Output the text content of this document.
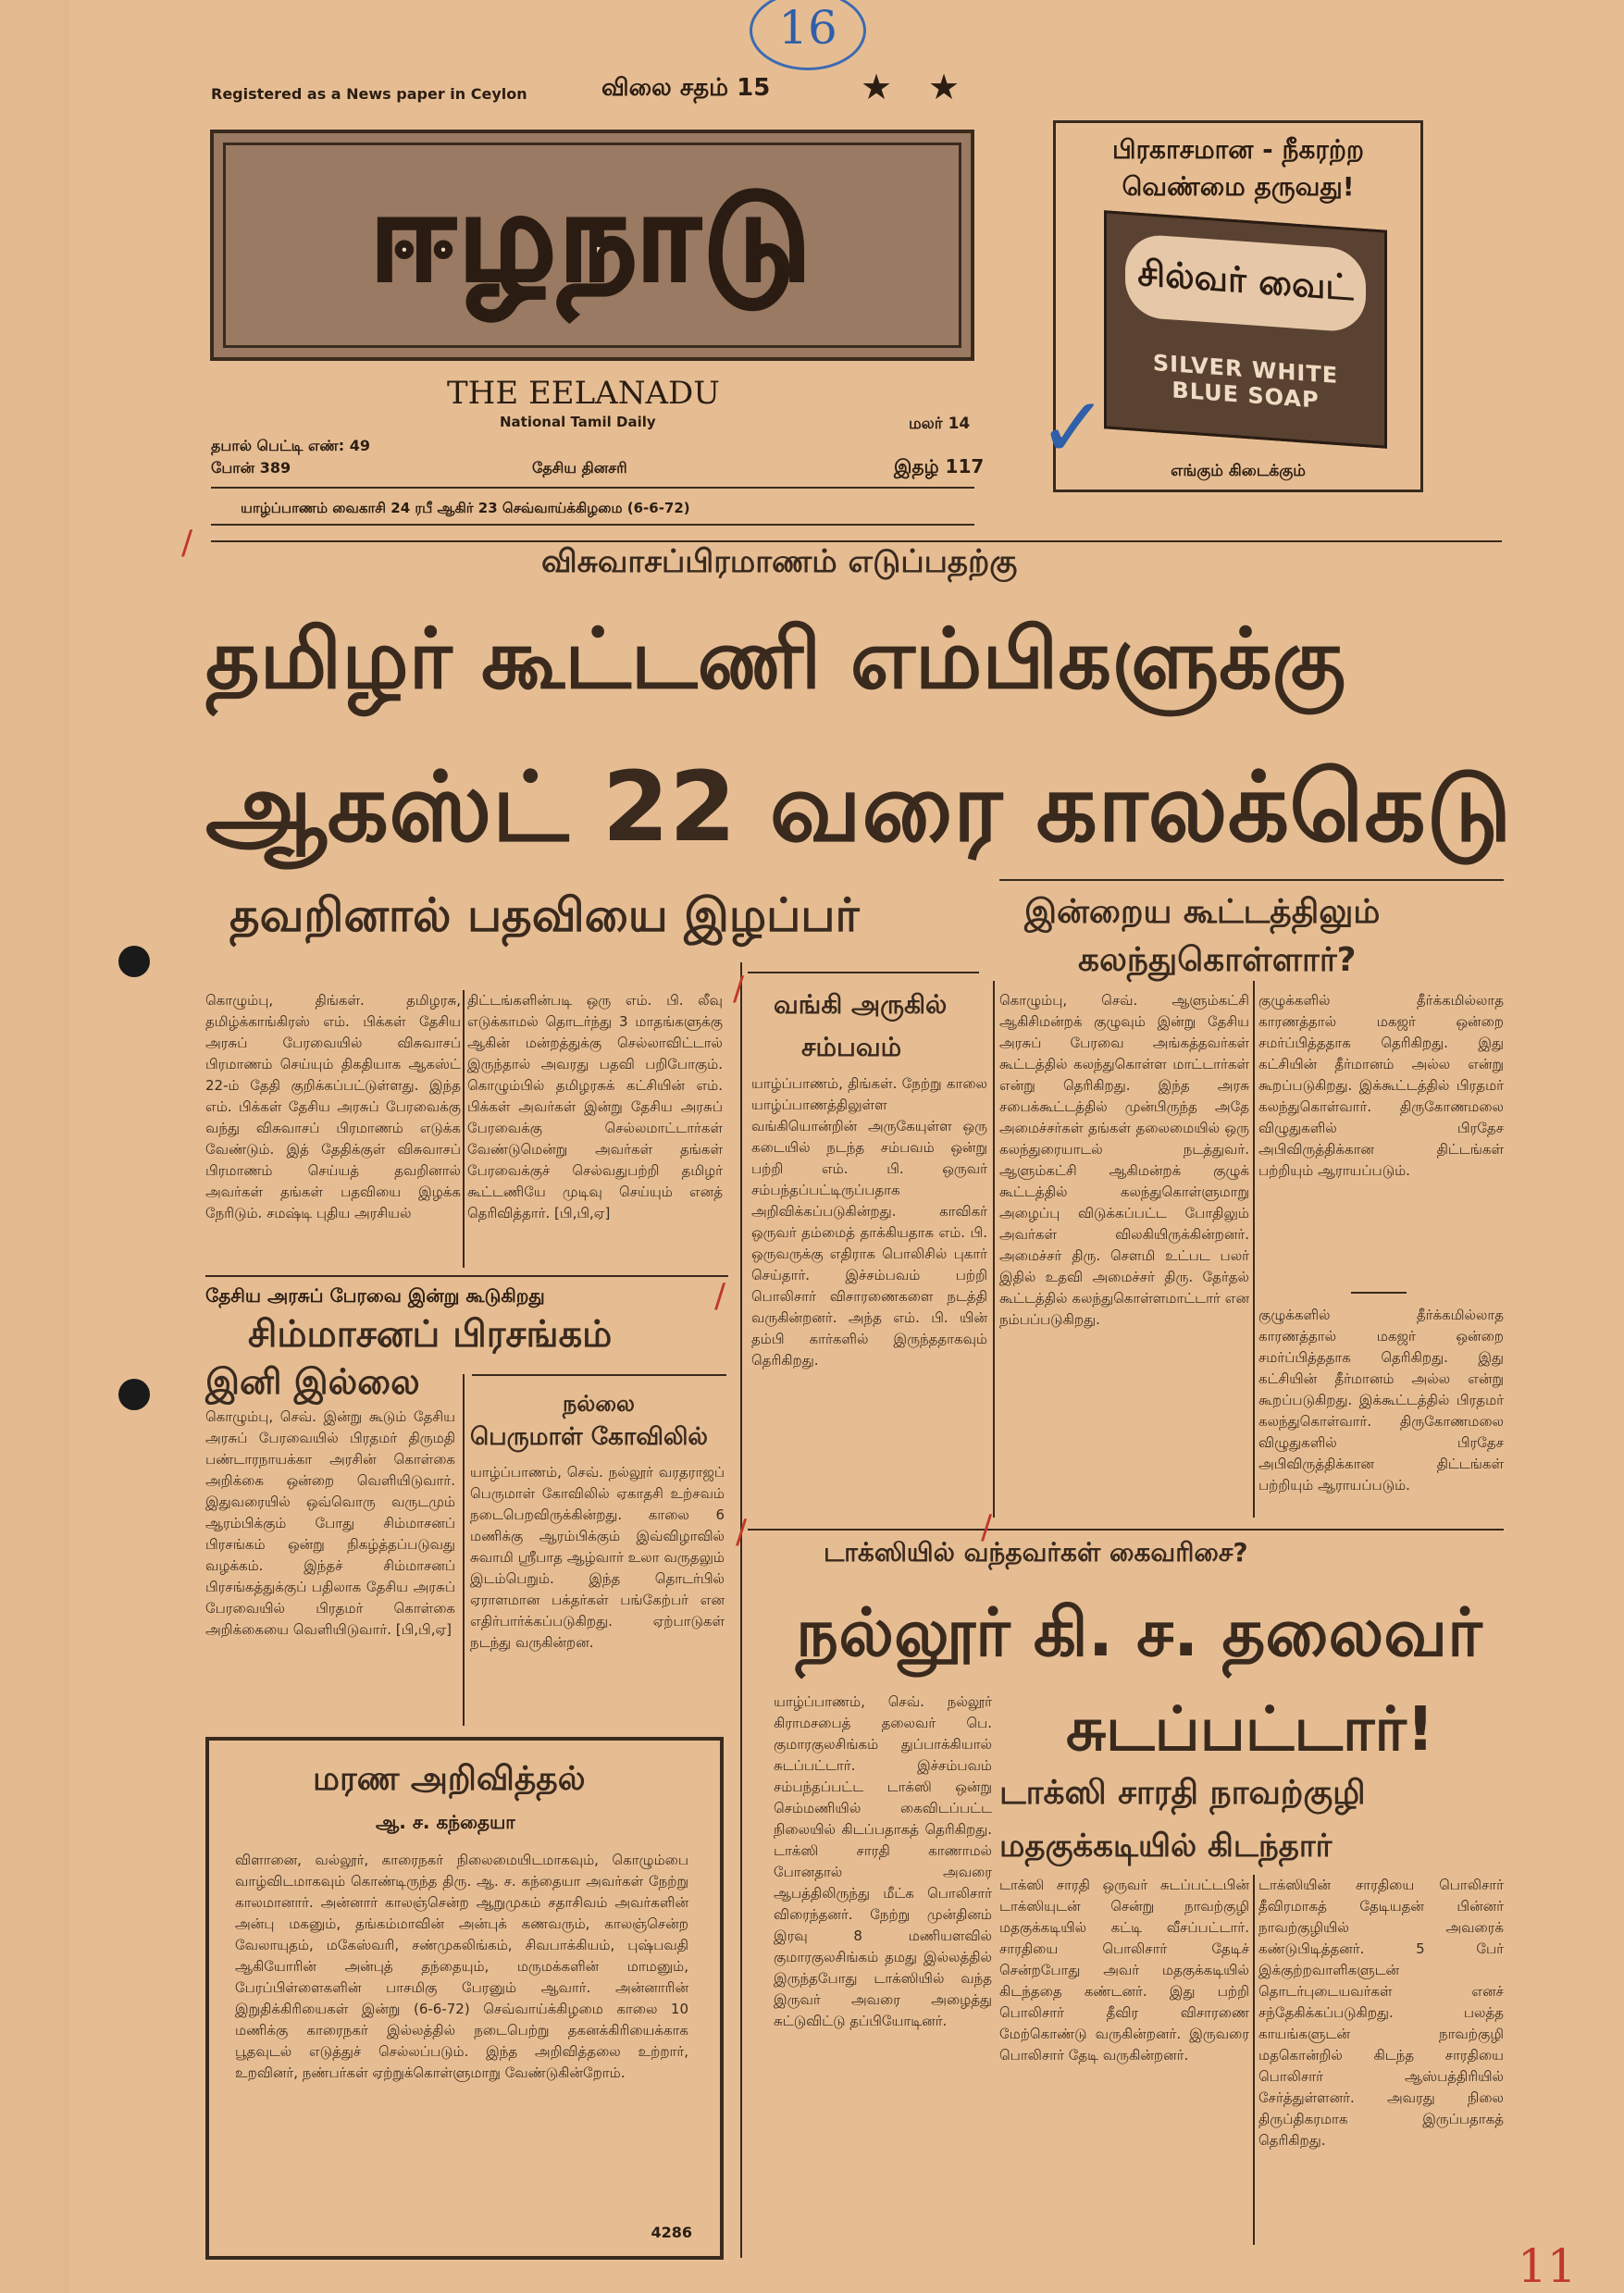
16
11
Registered as a News paper in Ceylon	விலை சதம் 15	★ ★
ஈழநாடு
THE EELANADU
National Tamil Daily
தபால் பெட்டி எண்: 49
போன் 389	தேசிய தினசரி
மலர் 14
இதழ் 117
யாழ்ப்பாணம் வைகாசி 24 ரபீ ஆகிர் 23 செவ்வாய்க்கிழமை (6-6-72)
பிரகாசமான - நீகரற்ற
வெண்மை தருவது!
சில்வர் வைட்
SILVER WHITE BLUE SOAP
எங்கும் கிடைக்கும்
விசுவாசப்பிரமாணம் எடுப்பதற்கு
தமிழர் கூட்டணி எம்பிகளுக்கு
ஆகஸ்ட் 22 வரை காலக்கெடு
தவறினால் பதவியை இழப்பர்	இன்றைய கூட்டத்திலும்
கலந்துகொள்ளார்?
கொழும்பு, திங்கள். தமிழரசு, தமிழ்க்காங்கிரஸ் எம். பிக்கள் தேசிய அரசுப் பேரவையில் விசுவாசப் பிரமாணம் செய்யும் திகதியாக ஆகஸ்ட் 22-ம் தேதி குறிக்கப்பட்டுள்ளது. இந்த எம். பிக்கள் தேசிய அரசுப் பேரவைக்கு வந்து விசுவாசப் பிரமாணம் எடுக்க வேண்டும். இத் தேதிக்குள் விசுவாசப் பிரமாணம் செய்யத் தவறினால் அவர்கள் தங்கள் பதவியை இழக்க நேரிடும். சமஷ்டி புதிய அரசியல்
திட்டங்களின்படி ஒரு எம். பி. லீவு எடுக்காமல் தொடர்ந்து 3 மாதங்களுக்கு ஆகின் மன்றத்துக்கு செல்லாவிட்டால் இருந்தால் அவரது பதவி பறிபோகும். கொழும்பில் தமிழரசுக் கட்சியின் எம். பிக்கள் அவர்கள் இன்று தேசிய அரசுப் பேரவைக்கு செல்லமாட்டார்கள் வேண்டுமென்று அவர்கள் தங்கள் பேரவைக்குச் செல்வதுபற்றி தமிழர் கூட்டணியே முடிவு செய்யும் எனத் தெரிவித்தார். [பி,பி,ஏ]
வங்கி அருகில்
சம்பவம்
யாழ்ப்பாணம், திங்கள். நேற்று காலை யாழ்ப்பாணத்திலுள்ள வங்கியொன்றின் அருகேயுள்ள ஒரு கடையில் நடந்த சம்பவம் ஒன்று பற்றி எம். பி. ஒருவர் சம்பந்தப்பட்டிருப்பதாக அறிவிக்கப்படுகின்றது. காவிகர் ஒருவர் தம்மைத் தாக்கியதாக எம். பி. ஒருவருக்கு எதிராக பொலிசில் புகார் செய்தார். இச்சம்பவம் பற்றி பொலிசார் விசாரணைகளை நடத்தி வருகின்றனர். அந்த எம். பி. யின் தம்பி கார்களில் இருந்ததாகவும் தெரிகிறது.
கொழும்பு, செவ். ஆளும்கட்சி ஆகிசிமன்றக் குழுவும் இன்று தேசிய அரசுப் பேரவை அங்கத்தவர்கள் கூட்டத்தில் கலந்துகொள்ள மாட்டார்கள் என்று தெரிகிறது. இந்த அரசு சபைக்கூட்டத்தில் முன்பிருந்த அதே அமைச்சர்கள் தங்கள் தலைமையில் ஒரு கலந்துரையாடல் நடத்துவர். ஆளும்கட்சி ஆகிமன்றக் குழுக் கூட்டத்தில் கலந்துகொள்ளுமாறு அழைப்பு விடுக்கப்பட்ட போதிலும் அவர்கள் விலகியிருக்கின்றனர். அமைச்சர் திரு. சௌமி உட்பட பலர் இதில் உதவி அமைச்சர் திரு. தேர்தல் கூட்டத்தில் கலந்துகொள்ளமாட்டார் என நம்பப்படுகிறது.
குழுக்களில் தீர்க்கமில்லாத காரணத்தால் மகஜர் ஒன்றை சமர்ப்பித்ததாக தெரிகிறது. இது கட்சியின் தீர்மானம் அல்ல என்று கூறப்படுகிறது. இக்கூட்டத்தில் பிரதமர் கலந்துகொள்வார். திருகோணமலை விழுதுகளில் பிரதேச அபிவிருத்திக்கான திட்டங்கள் பற்றியும் ஆராயப்படும்.
குழுக்களில் தீர்க்கமில்லாத காரணத்தால் மகஜர் ஒன்றை சமர்ப்பித்ததாக தெரிகிறது. இது கட்சியின் தீர்மானம் அல்ல என்று கூறப்படுகிறது. இக்கூட்டத்தில் பிரதமர் கலந்துகொள்வார். திருகோணமலை விழுதுகளில் பிரதேச அபிவிருத்திக்கான திட்டங்கள் பற்றியும் ஆராயப்படும்.
தேசிய அரசுப் பேரவை இன்று கூடுகிறது
சிம்மாசனப் பிரசங்கம்
இனி இல்லை
கொழும்பு, செவ். இன்று கூடும் தேசிய அரசுப் பேரவையில் பிரதமர் திருமதி பண்டாரநாயக்கா அரசின் கொள்கை அறிக்கை ஒன்றை வெளியிடுவார். இதுவரையில் ஒவ்வொரு வருடமும் ஆரம்பிக்கும் போது சிம்மாசனப் பிரசங்கம் ஒன்று நிகழ்த்தப்படுவது வழக்கம். இந்தச் சிம்மாசனப் பிரசங்கத்துக்குப் பதிலாக தேசிய அரசுப் பேரவையில் பிரதமர் கொள்கை அறிக்கையை வெளியிடுவார். [பி,பி,ஏ]
நல்லை
பெருமாள் கோவிலில்
யாழ்ப்பாணம், செவ். நல்லூர் வரதராஜப் பெருமாள் கோவிலில் ஏகாதசி உற்சவம் நடைபெறவிருக்கின்றது. காலை 6 மணிக்கு ஆரம்பிக்கும் இவ்விழாவில் சுவாமி ஸ்ரீபாத ஆழ்வார் உலா வருதலும் இடம்பெறும். இந்த தொடர்பில் ஏராளமான பக்தர்கள் பங்கேற்பர் என எதிர்பார்க்கப்படுகிறது. ஏற்பாடுகள் நடந்து வருகின்றன.
மரண அறிவித்தல்
ஆ. ச. கந்தையா
விளானை, வல்லூர், காரைநகர் நிலைமையிடமாகவும், கொழும்பை வாழ்விடமாகவும் கொண்டிருந்த திரு. ஆ. ச. கந்தையா அவர்கள் நேற்று காலமானார். அன்னார் காலஞ்சென்ற ஆறுமுகம் சதாசிவம் அவர்களின் அன்பு மகனும், தங்கம்மாவின் அன்புக் கணவரும், காலஞ்சென்ற வேலாயுதம், மகேஸ்வரி, சண்முகலிங்கம், சிவபாக்கியம், புஷ்பவதி ஆகியோரின் அன்புத் தந்தையும், மருமக்களின் மாமனும், பேரப்பிள்ளைகளின் பாசமிகு பேரனும் ஆவார். அன்னாரின் இறுதிக்கிரியைகள் இன்று (6-6-72) செவ்வாய்க்கிழமை காலை 10 மணிக்கு காரைநகர் இல்லத்தில் நடைபெற்று தகனக்கிரியைக்காக பூதவுடல் எடுத்துச் செல்லப்படும். இந்த அறிவித்தலை உற்றார், உறவினர், நண்பர்கள் ஏற்றுக்கொள்ளுமாறு வேண்டுகின்றோம்.
4286
டாக்ஸியில் வந்தவர்கள் கைவரிசை?
நல்லூர் கி. ச. தலைவர்
சுடப்பட்டார்!
டாக்ஸி சாரதி நாவற்குழி
மதகுக்கடியில் கிடந்தார்
யாழ்ப்பாணம், செவ். நல்லூர் கிராமசபைத் தலைவர் பெ. குமாரகுலசிங்கம் துப்பாக்கியால் சுடப்பட்டார். இச்சம்பவம் சம்பந்தப்பட்ட டாக்ஸி ஒன்று செம்மணியில் கைவிடப்பட்ட நிலையில் கிடப்பதாகத் தெரிகிறது. டாக்ஸி சாரதி காணாமல் போனதால் அவரை ஆபத்திலிருந்து மீட்க பொலிசார் விரைந்தனர். நேற்று முன்தினம் இரவு 8 மணியளவில் குமாரகுலசிங்கம் தமது இல்லத்தில் இருந்தபோது டாக்ஸியில் வந்த இருவர் அவரை அழைத்து சுட்டுவிட்டு தப்பியோடினர்.
டாக்ஸி சாரதி ஒருவர் சுடப்பட்டபின் டாக்ஸியுடன் சென்று நாவற்குழி மதகுக்கடியில் கட்டி வீசப்பட்டார். சாரதியை பொலிசார் தேடிச் சென்றபோது அவர் மதகுக்கடியில் கிடந்ததை கண்டனர். இது பற்றி பொலிசார் தீவிர விசாரணை மேற்கொண்டு வருகின்றனர். இருவரை பொலிசார் தேடி வருகின்றனர்.
டாக்ஸியின் சாரதியை பொலிசார் தீவிரமாகத் தேடியதன் பின்னர் நாவற்குழியில் அவரைக் கண்டுபிடித்தனர். 5 பேர் இக்குற்றவாளிகளுடன் தொடர்புடையவர்கள் எனச் சந்தேகிக்கப்படுகிறது. பலத்த காயங்களுடன் நாவற்குழி மதகொன்றில் கிடந்த சாரதியை பொலிசார் ஆஸ்பத்திரியில் சேர்த்துள்ளனர். அவரது நிலை திருப்திகரமாக இருப்பதாகத் தெரிகிறது.
/
/
/
/	/
✓
